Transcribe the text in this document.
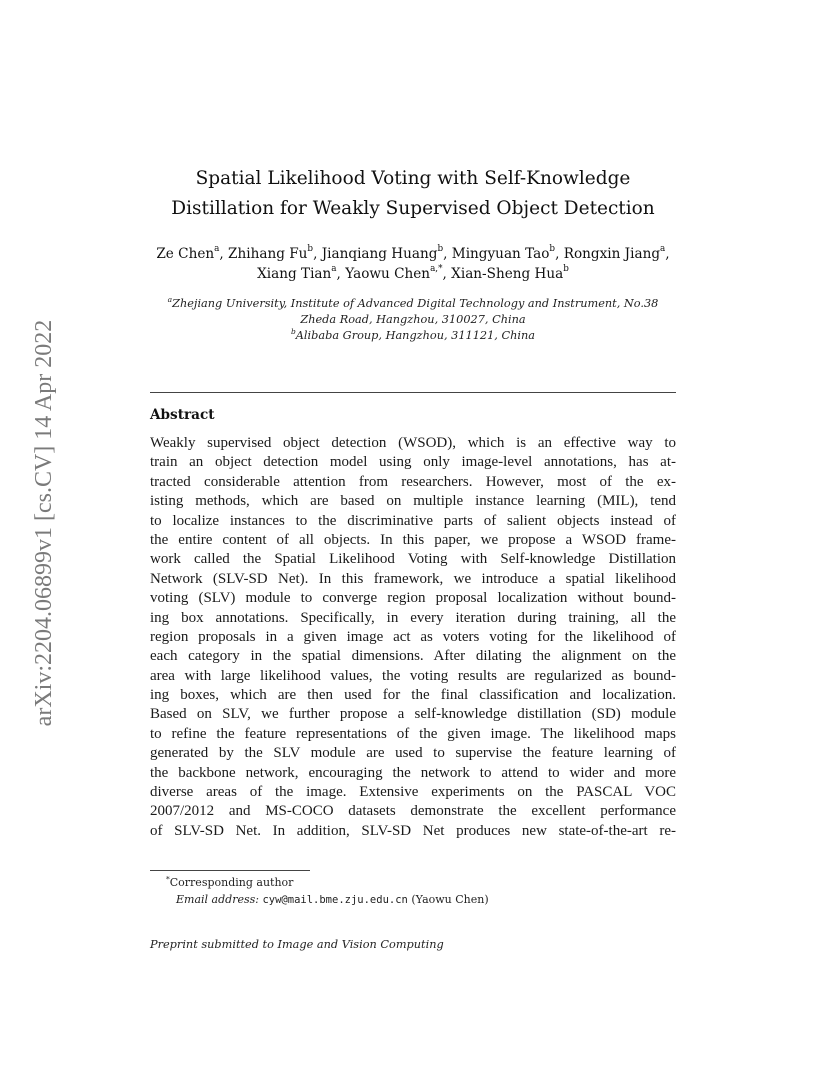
arXiv:2204.06899v1 [cs.CV] 14 Apr 2022
Spatial Likelihood Voting with Self-Knowledge
Distillation for Weakly Supervised Object Detection
Ze Chen$^a$, Zhihang Fu$^b$, Jianqiang Huang$^b$, Mingyuan Tao$^b$, Rongxin Jiang$^a$, Xiang Tian$^a$, Yaowu Chen$^{a,*}$, Xian-Sheng Hua$^b$
$^a$Zhejiang University, Institute of Advanced Digital Technology and Instrument, No.38
Zheda Road, Hangzhou, 310027, China
$^b$Alibaba Group, Hangzhou, 311121, China
Abstract
Weakly supervised object detection (WSOD), which is an effective way to
train an object detection model using only image-level annotations, has at-
tracted considerable attention from researchers. However, most of the ex-
isting methods, which are based on multiple instance learning (MIL), tend
to localize instances to the discriminative parts of salient objects instead of
the entire content of all objects. In this paper, we propose a WSOD frame-
work called the Spatial Likelihood Voting with Self-knowledge Distillation
Network (SLV-SD Net). In this framework, we introduce a spatial likelihood
voting (SLV) module to converge region proposal localization without bound-
ing box annotations. Specifically, in every iteration during training, all the
region proposals in a given image act as voters voting for the likelihood of
each category in the spatial dimensions. After dilating the alignment on the
area with large likelihood values, the voting results are regularized as bound-
ing boxes, which are then used for the final classification and localization.
Based on SLV, we further propose a self-knowledge distillation (SD) module
to refine the feature representations of the given image. The likelihood maps
generated by the SLV module are used to supervise the feature learning of
the backbone network, encouraging the network to attend to wider and more
diverse areas of the image. Extensive experiments on the PASCAL VOC
2007/2012 and MS-COCO datasets demonstrate the excellent performance
of SLV-SD Net. In addition, SLV-SD Net produces new state-of-the-art re-
*Corresponding author
Email address: cyw@mail.bme.zju.edu.cn (Yaowu Chen)
Preprint submitted to Image and Vision Computing
